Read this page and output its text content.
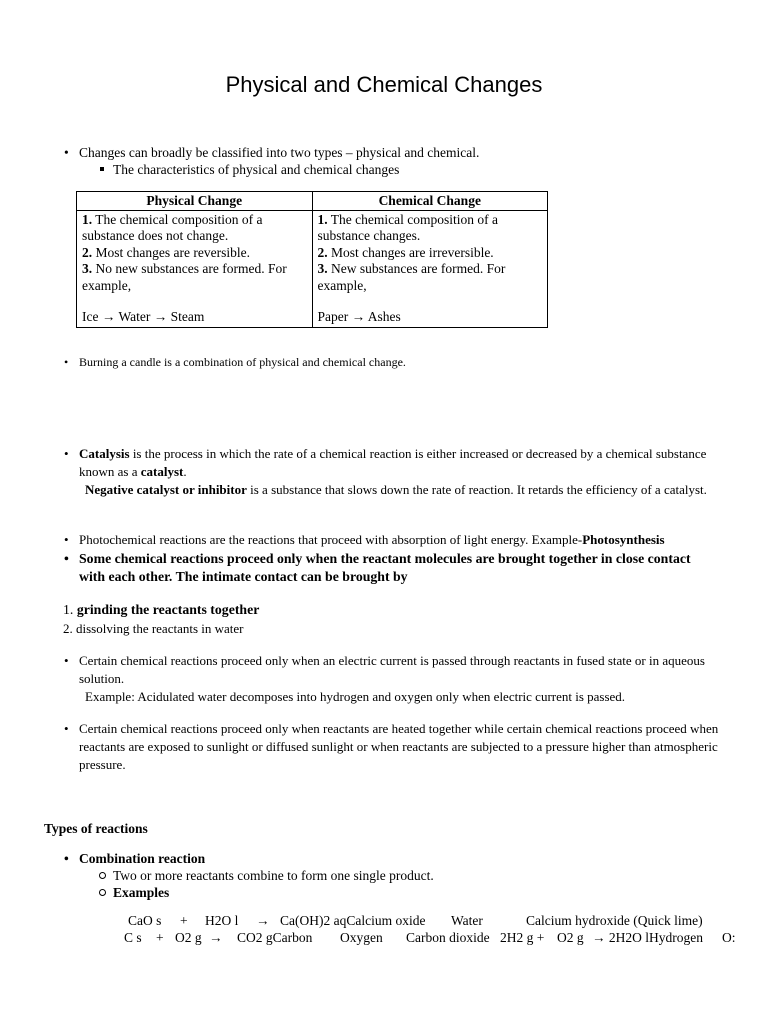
Physical and Chemical Changes
• Changes can broadly be classified into two types – physical and chemical.
The characteristics of physical and chemical changes
Physical Change	Chemical Change

1. The chemical composition of a substance does not change.
2. Most changes are reversible.
3. No new substances are formed. For example,
Ice → Water → Steam	1. The chemical composition of a substance changes.
2. Most changes are irreversible.
3. New substances are formed. For example,
Paper → Ashes
• Burning a candle is a combination of physical and chemical change.
• Catalysis is the process in which the rate of a chemical reaction is either increased or decreased by a chemical substance known as a catalyst.
Negative catalyst or inhibitor is a substance that slows down the rate of reaction. It retards the efficiency of a catalyst.
• Photochemical reactions are the reactions that proceed with absorption of light energy. Example-Photosynthesis
• Some chemical reactions proceed only when the reactant molecules are brought together in close contact with each other. The intimate contact can be brought by
1. grinding the reactants together
2. dissolving the reactants in water
• Certain chemical reactions proceed only when an electric current is passed through reactants in fused state or in aqueous solution.
Example: Acidulated water decomposes into hydrogen and oxygen only when electric current is passed.
• Certain chemical reactions proceed only when reactants are heated together while certain chemical reactions proceed when reactants are exposed to sunlight or diffused sunlight or when reactants are subjected to a pressure higher than atmospheric pressure.
Types of reactions
• Combination reaction
Two or more reactants combine to form one single product.
Examples
CaO s + H2O l → Ca(OH)2 aqCalcium oxide Water	Calcium hydroxide (Quick lime)
C s + O2 g → CO2 gCarbon Oxygen Carbon dioxide 2H2 g + O2 g → 2H2O lHydrogen O:
